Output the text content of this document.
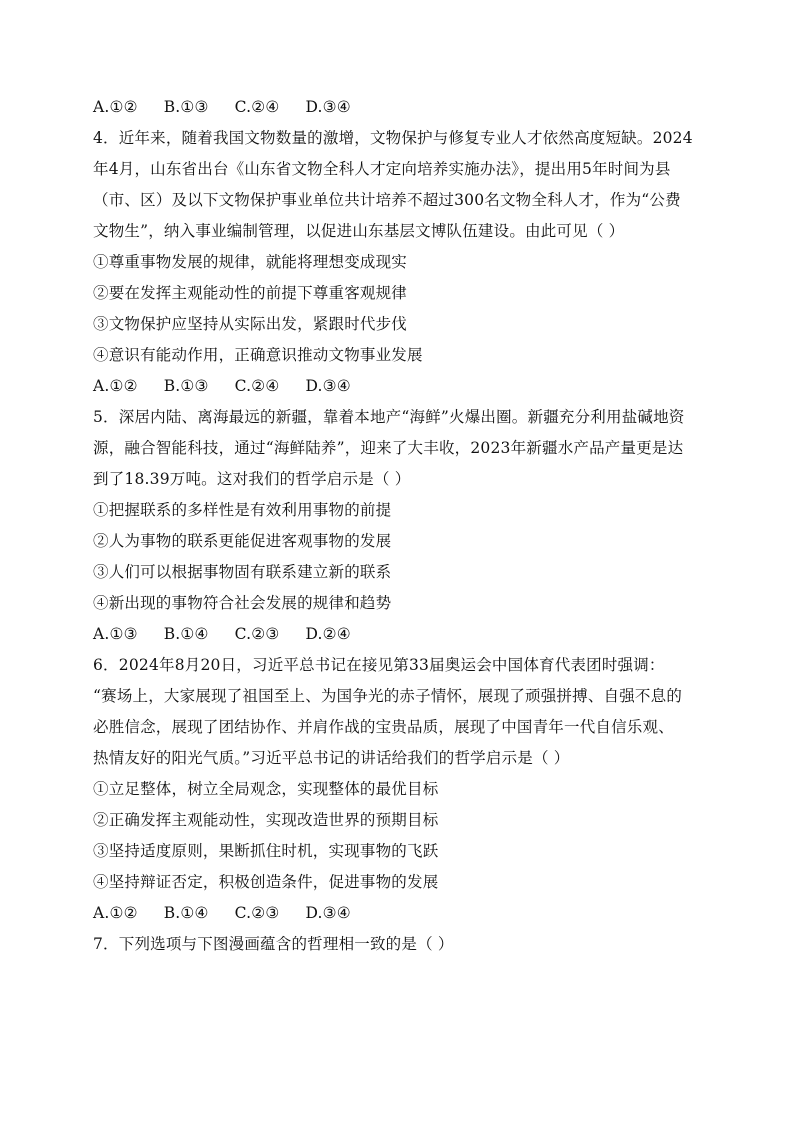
A.①② B.①③ C.②④ D.③④
4．近年来，随着我国文物数量的激增，文物保护与修复专业人才依然高度短缺。2024
年4月，山东省出台《山东省文物全科人才定向培养实施办法》，提出用5年时间为县
（市、区）及以下文物保护事业单位共计培养不超过300名文物全科人才，作为“公费
文物生”，纳入事业编制管理，以促进山东基层文博队伍建设。由此可见（ ）
①尊重事物发展的规律，就能将理想变成现实
②要在发挥主观能动性的前提下尊重客观规律
③文物保护应坚持从实际出发，紧跟时代步伐
④意识有能动作用，正确意识推动文物事业发展
A.①② B.①③ C.②④ D.③④
5．深居内陆、离海最远的新疆，靠着本地产“海鲜”火爆出圈。新疆充分利用盐碱地资
源，融合智能科技，通过“海鲜陆养”，迎来了大丰收，2023年新疆水产品产量更是达
到了18.39万吨。这对我们的哲学启示是（ ）
①把握联系的多样性是有效利用事物的前提
②人为事物的联系更能促进客观事物的发展
③人们可以根据事物固有联系建立新的联系
④新出现的事物符合社会发展的规律和趋势
A.①③ B.①④ C.②③ D.②④
6．2024年8月20日，习近平总书记在接见第33届奥运会中国体育代表团时强调：
“赛场上，大家展现了祖国至上、为国争光的赤子情怀，展现了顽强拼搏、自强不息的
必胜信念，展现了团结协作、并肩作战的宝贵品质，展现了中国青年一代自信乐观、
热情友好的阳光气质。”习近平总书记的讲话给我们的哲学启示是（ ）
①立足整体，树立全局观念，实现整体的最优目标
②正确发挥主观能动性，实现改造世界的预期目标
③坚持适度原则，果断抓住时机，实现事物的飞跃
④坚持辩证否定，积极创造条件，促进事物的发展
A.①② B.①④ C.②③ D.③④
7．下列选项与下图漫画蕴含的哲理相一致的是（ ）
